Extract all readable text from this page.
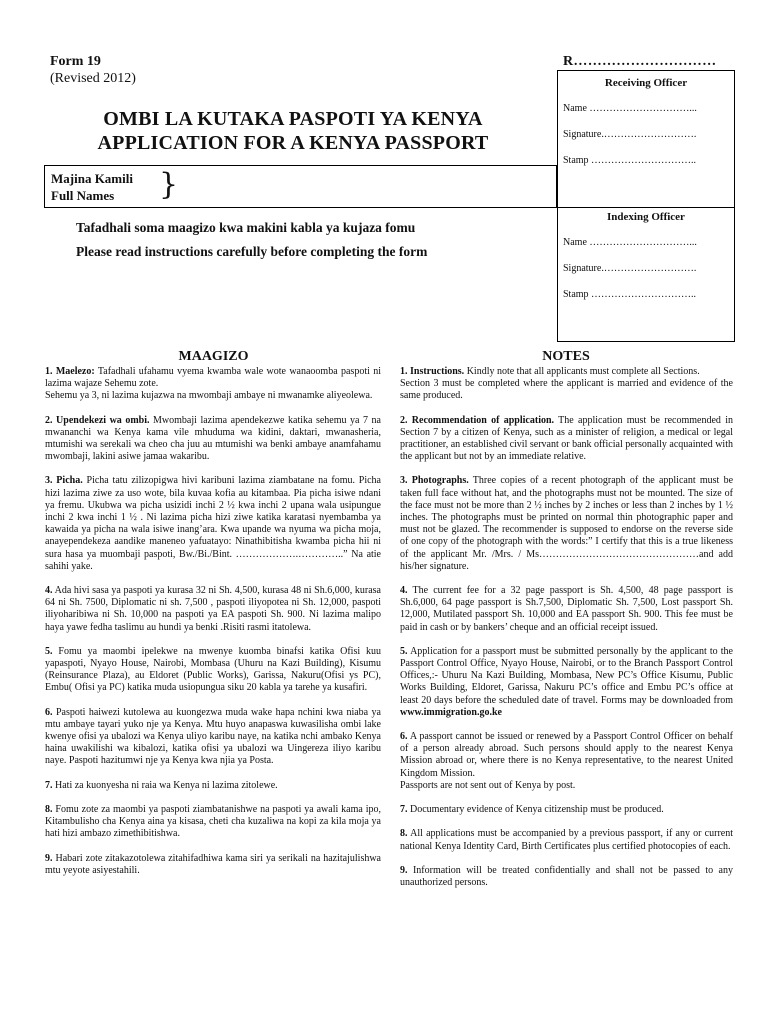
Form 19
(Revised 2012)
OMBI LA KUTAKA PASPOTI YA KENYA
APPLICATION FOR A KENYA PASSPORT
Majina Kamili
Full Names }
Tafadhali soma maagizo kwa makini kabla ya kujaza fomu
Please read instructions carefully before completing the form
R…………………………
Receiving Officer
Name …………………………...
Signature.……………………….
Stamp …………………………..
Indexing Officer
Name …………………………...
Signature.……………………….
Stamp …………………………..
MAAGIZO	NOTES

1. Maelezo: Tafadhali ufahamu vyema kwamba wale wote wanaoomba paspoti ni lazima wajaze Sehemu zote.
Sehemu ya 3, ni lazima kujazwa na mwombaji ambaye ni mwanamke aliyeolewa.

2. Upendekezi wa ombi. Mwombaji lazima apendekezwe katika sehemu ya 7 na mwananchi wa Kenya kama vile mhuduma wa kidini, daktari, mwanasheria, mtumishi wa serekali wa cheo cha juu au mtumishi wa benki ambaye anamfahamu mwombaji, lakini asiwe jamaa wakaribu.

3. Picha. Picha tatu zilizopigwa hivi karibuni lazima ziambatane na fomu. Picha hizi lazima ziwe za uso wote, bila kuvaa kofia au kitambaa. Pia picha isiwe ndani ya fremu. Ukubwa wa picha usizidi inchi 2 ½ kwa inchi 2 upana wala usipungue inchi 2 kwa inchi 1 ½ . Ni lazima picha hizi ziwe katika karatasi nyembamba ya kawaida ya picha na wala isiwe inang’ara. Kwa upande wa nyuma wa picha moja, anayependekeza aandike maneneo yafuatayo: Ninathibitisha kwamba picha hii ni sura hasa ya muombaji paspoti, Bw./Bi./Bint. ……………….…………..” Na atie sahihi yake.

4. Ada hivi sasa ya paspoti ya kurasa 32 ni Sh. 4,500, kurasa 48 ni Sh.6,000, kurasa 64 ni Sh. 7500, Diplomatic ni sh. 7,500 , paspoti iliyopotea ni Sh. 12,000, paspoti iliyoharibiwa ni Sh. 10,000 na paspoti ya EA paspoti Sh. 900. Ni lazima malipo haya yawe fedha taslimu au hundi ya benki .Risiti rasmi itatolewa.

5. Fomu ya maombi ipelekwe na mwenye kuomba binafsi katika Ofisi kuu yapaspoti, Nyayo House, Nairobi, Mombasa (Uhuru na Kazi Building), Kisumu (Reinsurance Plaza), au Eldoret (Public Works), Garissa, Nakuru(Ofisi ys PC), Embu( Ofisi ya PC) katika muda usiopungua siku 20 kabla ya tarehe ya kusafiri.

6. Paspoti haiwezi kutolewa au kuongezwa muda wake hapa nchini kwa niaba ya mtu ambaye tayari yuko nje ya Kenya. Mtu huyo anapaswa kuwasilisha ombi lake kwenye ofisi ya ubalozi wa Kenya uliyo karibu naye, na katika nchi ambako Kenya haina uwakilishi wa kibalozi, katika ofisi ya ubalozi wa Uingereza iliyo karibu naye. Paspoti hazitumwi nje ya Kenya kwa njia ya Posta.

7. Hati za kuonyesha ni raia wa Kenya ni lazima zitolewe.

8. Fomu zote za maombi ya paspoti ziambatanishwe na paspoti ya awali kama ipo, Kitambulisho cha Kenya aina ya kisasa, cheti cha kuzaliwa na kopi za kila moja ya hati hizi ambazo zimethibitishwa.

9. Habari zote zitakazotolewa zitahifadhiwa kama siri ya serikali na hazitajulishwa mtu yeyote asiyestahili.

1. Instructions. Kindly note that all applicants must complete all Sections.
Section 3 must be completed where the applicant is married and evidence of the same produced.

2. Recommendation of application. The application must be recommended in Section 7 by a citizen of Kenya, such as a minister of religion, a medical or legal practitioner, an established civil servant or bank official personally acquainted with the applicant but not by an immediate relative.

3. Photographs. Three copies of a recent photograph of the applicant must be taken full face without hat, and the photographs must not be mounted. The size of the face must not be more than 2 ½ inches by 2 inches or less than 2 inches by 1 ½ inches. The photographs must be printed on normal thin photographic paper and must not be glazed. The recommender is supposed to endorse on the reverse side of one copy of the photograph with the words:” I certify that this is a true likeness of the applicant Mr. /Mrs. / Ms…………………………………………and add his/her signature.

4. The current fee for a 32 page passport is Sh. 4,500, 48 page passport is Sh.6,000, 64 page passport is Sh.7,500, Diplomatic Sh. 7,500, Lost passport Sh. 12,000, Mutilated passport Sh. 10,000 and EA passport Sh. 900. This fee must be paid in cash or by bankers’ cheque and an official receipt issued.

5. Application for a passport must be submitted personally by the applicant to the Passport Control Office, Nyayo House, Nairobi, or to the Branch Passport Control Offices,:- Uhuru Na Kazi Building, Mombasa, New PC’s Office Kisumu, Public Works Building, Eldoret, Garissa, Nakuru PC’s office and Embu PC’s office at least 20 days before the scheduled date of travel. Forms may be downloaded from www.immigration.go.ke

6. A passport cannot be issued or renewed by a Passport Control Officer on behalf of a person already abroad. Such persons should apply to the nearest Kenya Mission abroad or, where there is no Kenya representative, to the nearest United Kingdom Mission.
Passports are not sent out of Kenya by post.

7. Documentary evidence of Kenya citizenship must be produced.

8. All applications must be accompanied by a previous passport, if any or current national Kenya Identity Card, Birth Certificates plus certified photocopies of each.

9. Information will be treated confidentially and shall not be passed to any unauthorized persons.
